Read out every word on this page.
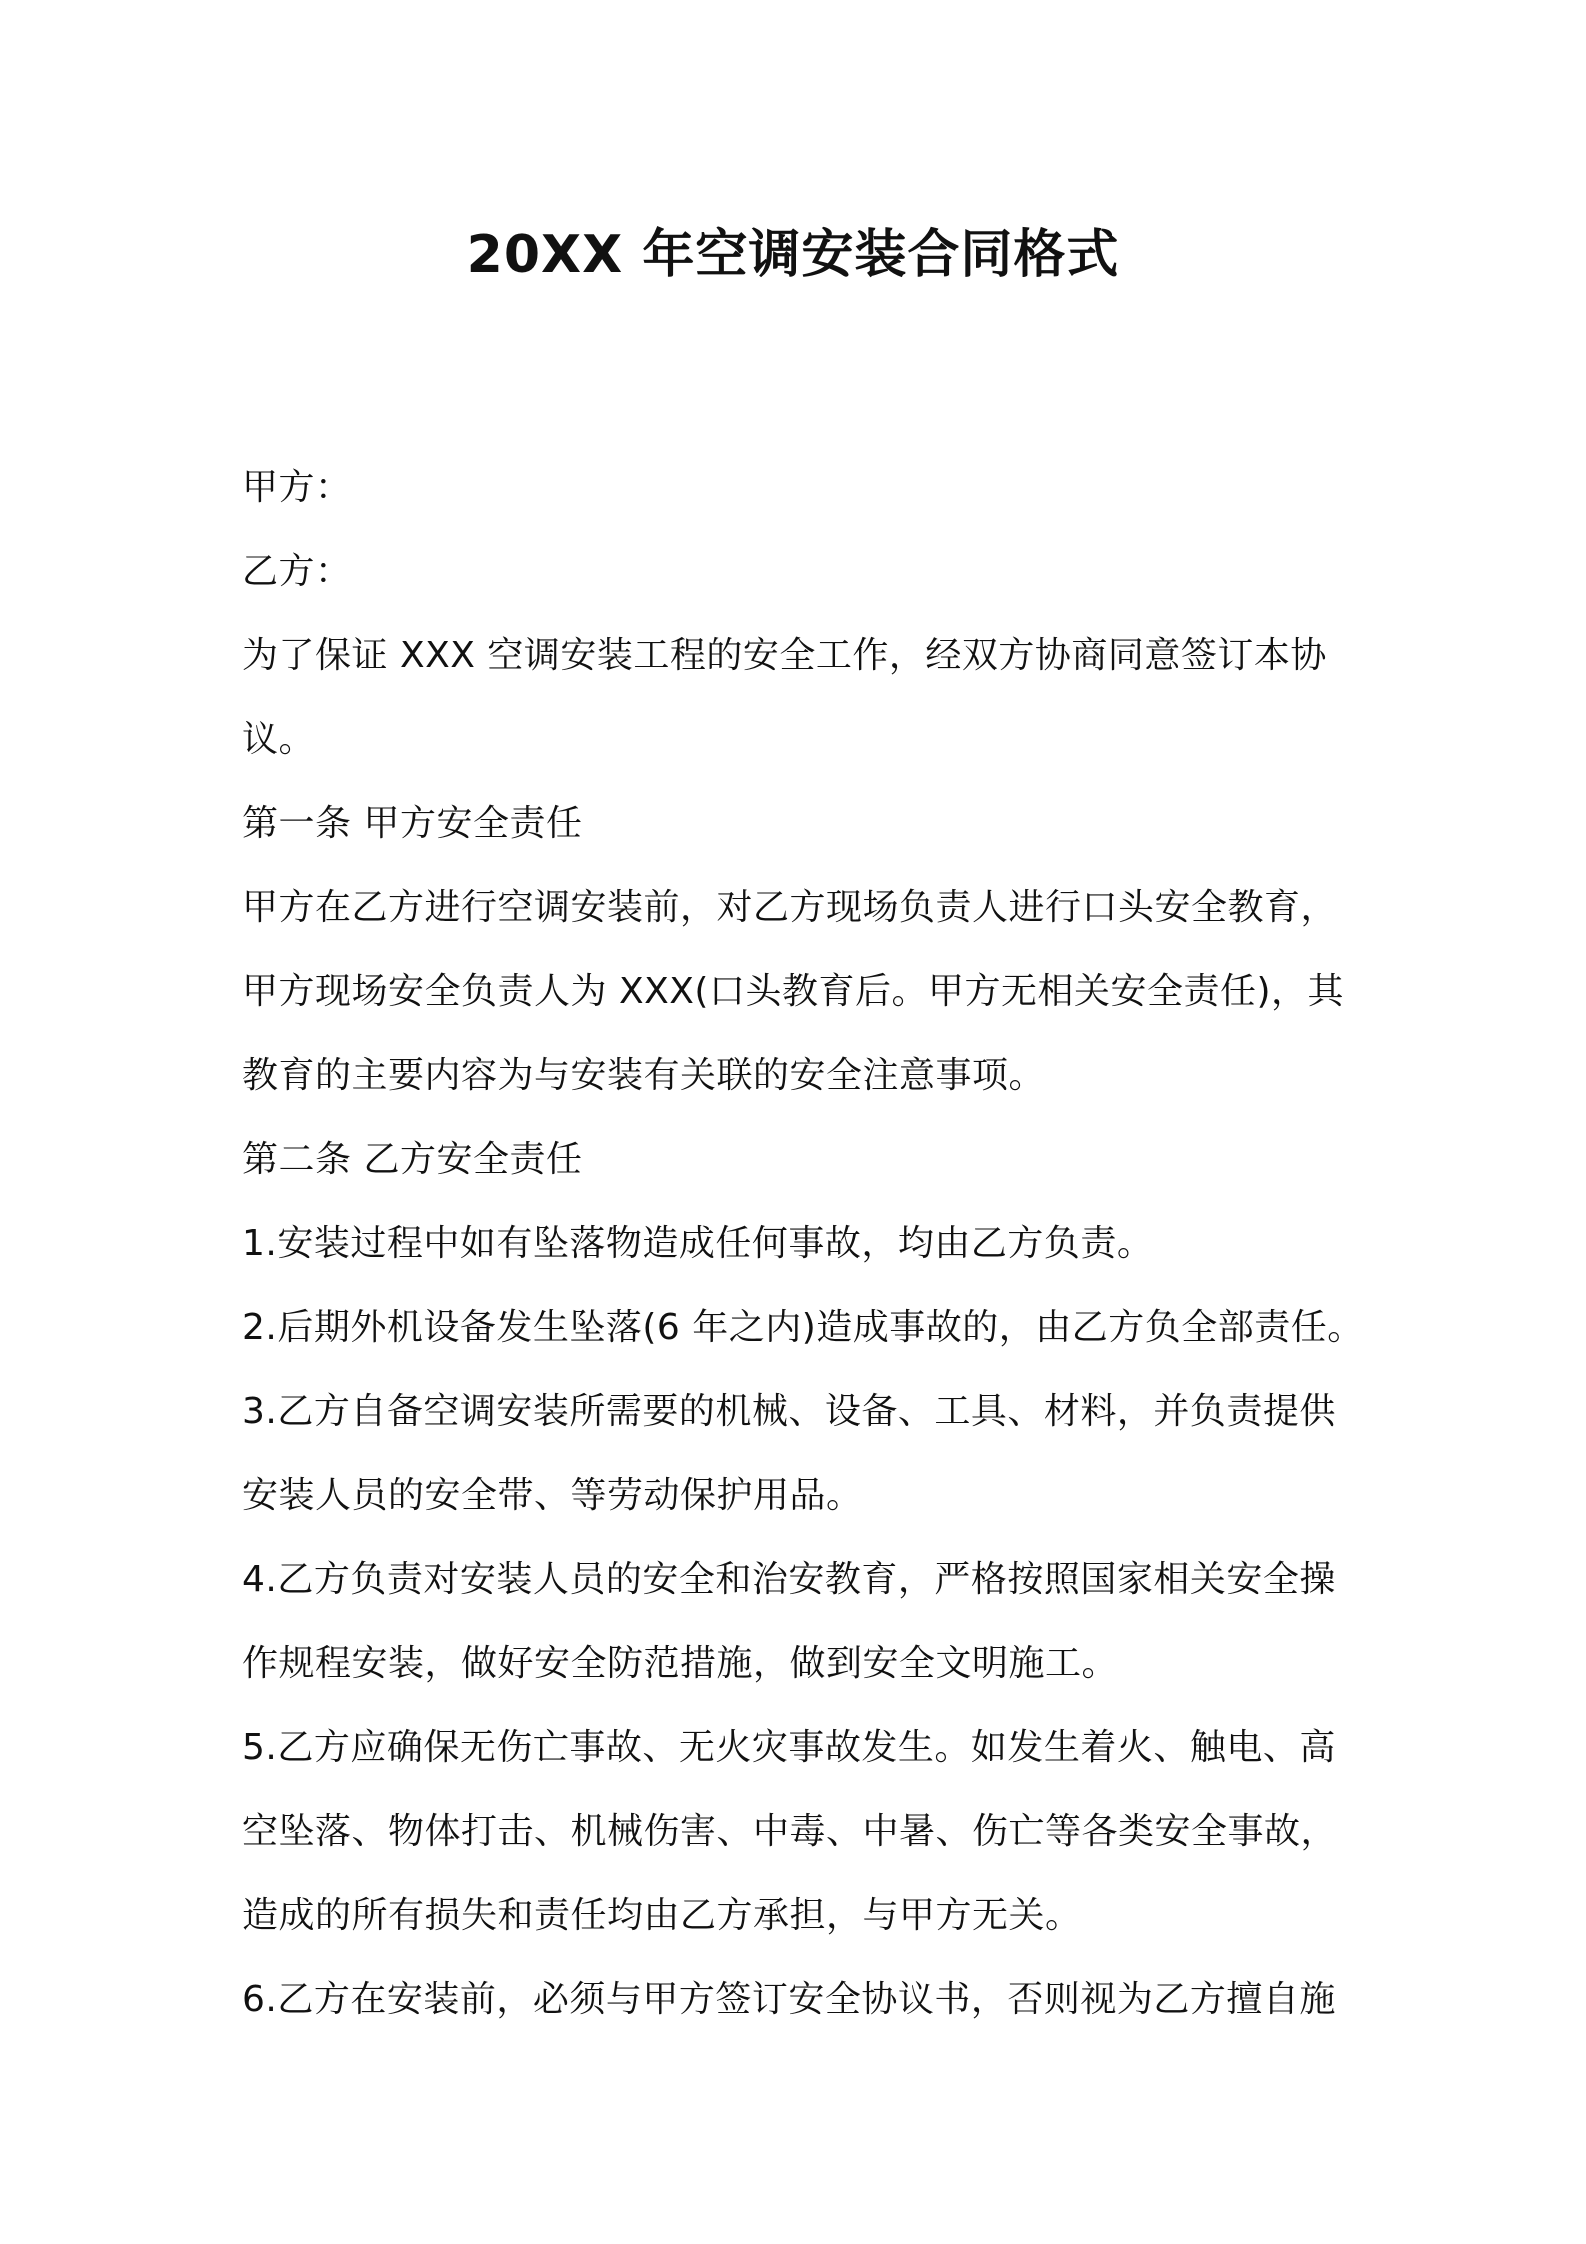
20XX 年空调安装合同格式
甲方：
乙方：
为了保证 XXX 空调安装工程的安全工作，经双方协商同意签订本协
议。
第一条 甲方安全责任
甲方在乙方进行空调安装前，对乙方现场负责人进行口头安全教育，
甲方现场安全负责人为 XXX(口头教育后。甲方无相关安全责任)，其
教育的主要内容为与安装有关联的安全注意事项。
第二条 乙方安全责任
1.安装过程中如有坠落物造成任何事故，均由乙方负责。
2.后期外机设备发生坠落(6 年之内)造成事故的，由乙方负全部责任。
3.乙方自备空调安装所需要的机械、设备、工具、材料，并负责提供
安装人员的安全带、等劳动保护用品。
4.乙方负责对安装人员的安全和治安教育，严格按照国家相关安全操
作规程安装，做好安全防范措施，做到安全文明施工。
5.乙方应确保无伤亡事故、无火灾事故发生。如发生着火、触电、高
空坠落、物体打击、机械伤害、中毒、中暑、伤亡等各类安全事故，
造成的所有损失和责任均由乙方承担，与甲方无关。
6.乙方在安装前，必须与甲方签订安全协议书，否则视为乙方擅自施
